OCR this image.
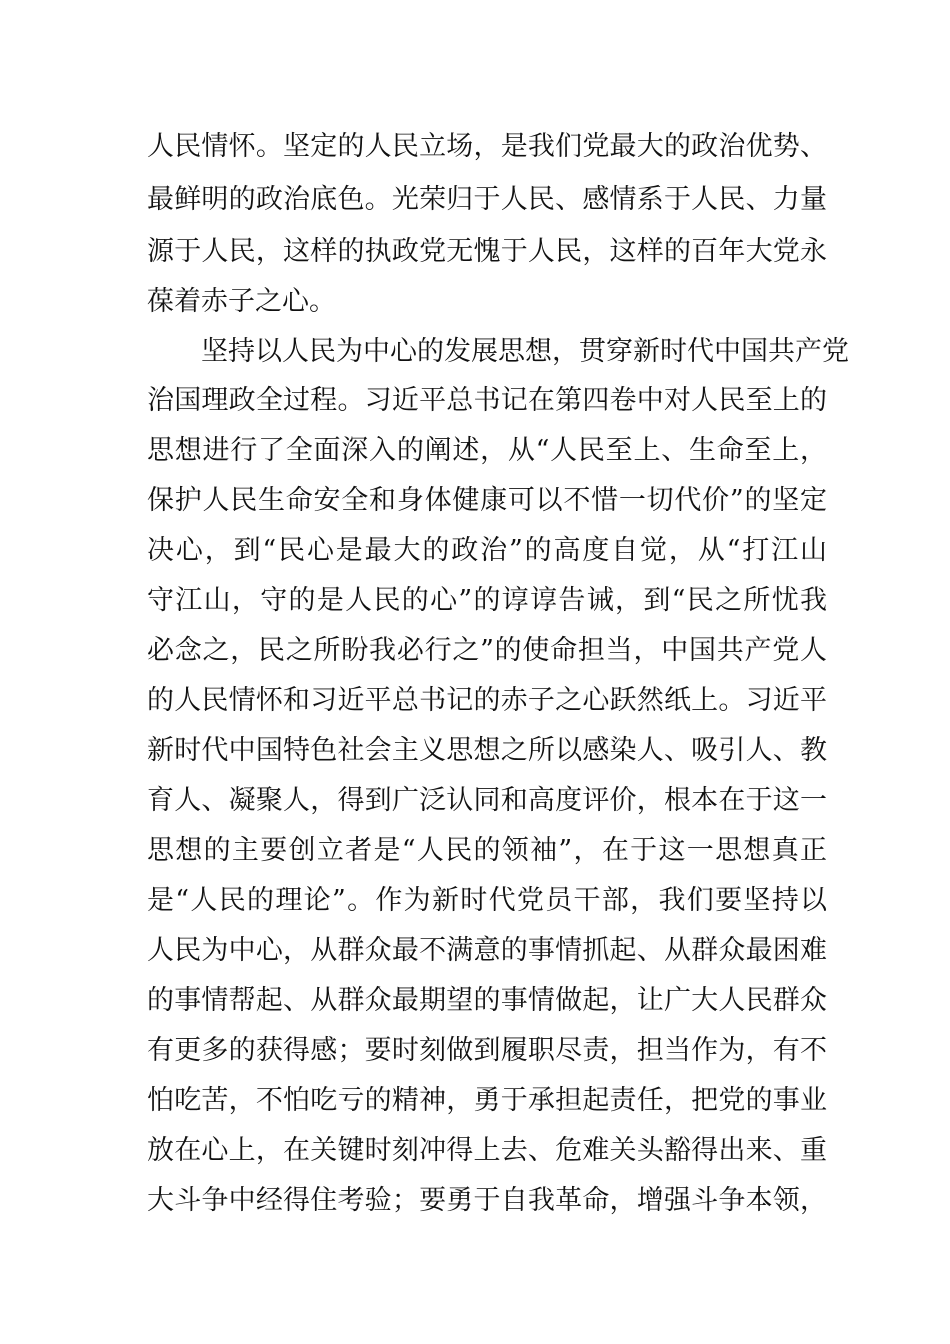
人民情怀。坚定的人民立场，是我们党最大的政治优势、
最鲜明的政治底色。光荣归于人民、感情系于人民、力量
源于人民，这样的执政党无愧于人民，这样的百年大党永
葆着赤子之心。
　　坚持以人民为中心的发展思想，贯穿新时代中国共产党
治国理政全过程。习近平总书记在第四卷中对人民至上的
思想进行了全面深入的阐述，从“人民至上、生命至上，
保护人民生命安全和身体健康可以不惜一切代价”的坚定
决心，到“民心是最大的政治”的高度自觉，从“打江山
守江山，守的是人民的心”的谆谆告诫，到“民之所忧我
必念之，民之所盼我必行之”的使命担当，中国共产党人
的人民情怀和习近平总书记的赤子之心跃然纸上。习近平
新时代中国特色社会主义思想之所以感染人、吸引人、教
育人、凝聚人，得到广泛认同和高度评价，根本在于这一
思想的主要创立者是“人民的领袖”，在于这一思想真正
是“人民的理论”。作为新时代党员干部，我们要坚持以
人民为中心，从群众最不满意的事情抓起、从群众最困难
的事情帮起、从群众最期望的事情做起，让广大人民群众
有更多的获得感；要时刻做到履职尽责，担当作为，有不
怕吃苦，不怕吃亏的精神，勇于承担起责任，把党的事业
放在心上，在关键时刻冲得上去、危难关头豁得出来、重
大斗争中经得住考验；要勇于自我革命，增强斗争本领，
